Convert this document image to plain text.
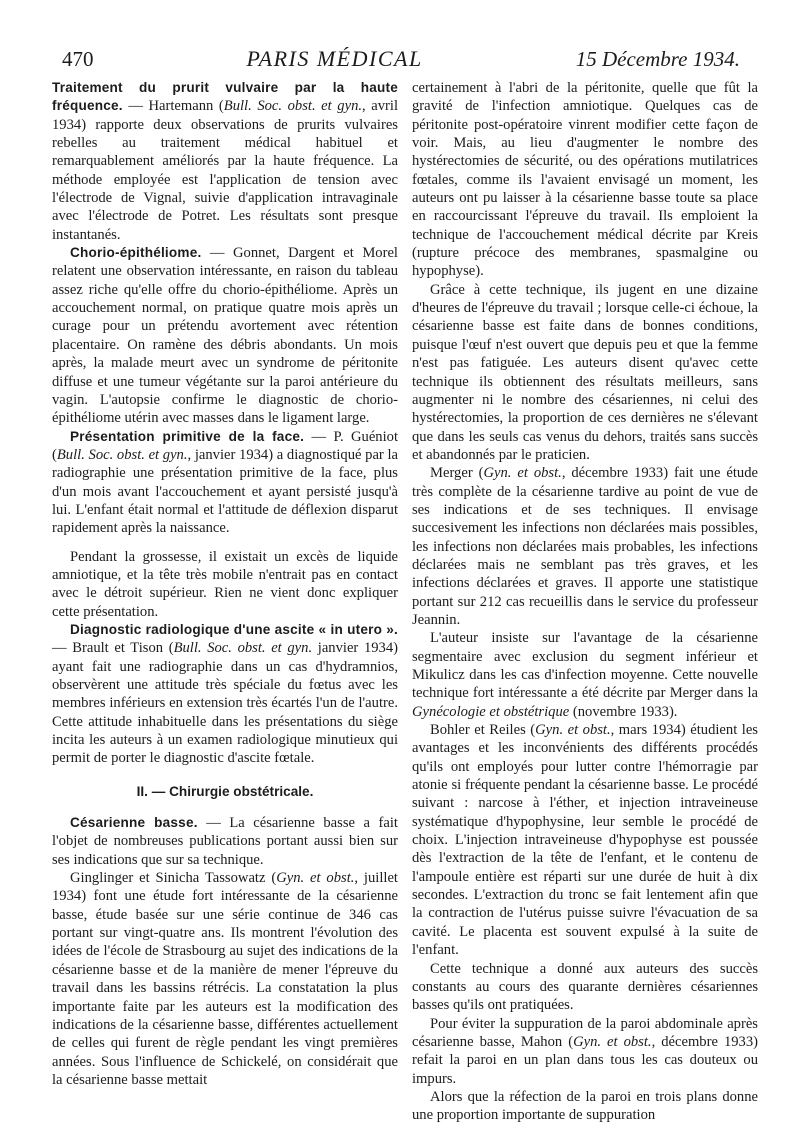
470	PARIS MÉDICAL	15 Décembre 1934.

Traitement du prurit vulvaire par la haute fréquence. — Hartemann (Bull. Soc. obst. et gyn., avril 1934) rapporte deux observations de prurits vulvaires rebelles au traitement médical habituel et remarquablement améliorés par la haute fréquence. La méthode employée est l'application de tension avec l'électrode de Vignal, suivie d'application intravaginale avec l'électrode de Potret. Les résultats sont presque instantanés.

Chorio-épithéliome. — Gonnet, Dargent et Morel relatent une observation intéressante, en raison du tableau assez riche qu'elle offre du chorio-épithéliome. Après un accouchement normal, on pratique quatre mois après un curage pour un prétendu avortement avec rétention placentaire. On ramène des débris abondants. Un mois après, la malade meurt avec un syndrome de péritonite diffuse et une tumeur végétante sur la paroi antérieure du vagin. L'autopsie confirme le diagnostic de chorio-épithéliome utérin avec masses dans le ligament large.

Présentation primitive de la face. — P. Guéniot (Bull. Soc. obst. et gyn., janvier 1934) a diagnostiqué par la radiographie une présentation primitive de la face, plus d'un mois avant l'accouchement et ayant persisté jusqu'à lui. L'enfant était normal et l'attitude de déflexion disparut rapidement après la naissance.

Pendant la grossesse, il existait un excès de liquide amniotique, et la tête très mobile n'entrait pas en contact avec le détroit supérieur. Rien ne vient donc expliquer cette présentation.

Diagnostic radiologique d'une ascite « in utero ». — Brault et Tison (Bull. Soc. obst. et gyn. janvier 1934) ayant fait une radiographie dans un cas d'hydramnios, observèrent une attitude très spéciale du fœtus avec les membres inférieurs en extension très écartés l'un de l'autre. Cette attitude inhabituelle dans les présentations du siège incita les auteurs à un examen radiologique minutieux qui permit de porter le diagnostic d'ascite fœtale.

II. — Chirurgie obstétricale.

Césarienne basse. — La césarienne basse a fait l'objet de nombreuses publications portant aussi bien sur ses indications que sur sa technique.

Ginglinger et Sinicha Tassowatz (Gyn. et obst., juillet 1934) font une étude fort intéressante de la césarienne basse, étude basée sur une série continue de 346 cas portant sur vingt-quatre ans. Ils montrent l'évolution des idées de l'école de Strasbourg au sujet des indications de la césarienne basse et de la manière de mener l'épreuve du travail dans les bassins rétrécis. La constatation la plus importante faite par les auteurs est la modification des indications de la césarienne basse, différentes actuellement de celles qui furent de règle pendant les vingt premières années. Sous l'influence de Schickelé, on considérait que la césarienne basse mettait

certainement à l'abri de la péritonite, quelle que fût la gravité de l'infection amniotique. Quelques cas de péritonite post-opératoire vinrent modifier cette façon de voir. Mais, au lieu d'augmenter le nombre des hystérectomies de sécurité, ou des opérations mutilatrices fœtales, comme ils l'avaient envisagé un moment, les auteurs ont pu laisser à la césarienne basse toute sa place en raccourcissant l'épreuve du travail. Ils emploient la technique de l'accouchement médical décrite par Kreis (rupture précoce des membranes, spasmalgine ou hypophyse).

Grâce à cette technique, ils jugent en une dizaine d'heures de l'épreuve du travail ; lorsque celle-ci échoue, la césarienne basse est faite dans de bonnes conditions, puisque l'œuf n'est ouvert que depuis peu et que la femme n'est pas fatiguée. Les auteurs disent qu'avec cette technique ils obtiennent des résultats meilleurs, sans augmenter ni le nombre des césariennes, ni celui des hystérectomies, la proportion de ces dernières ne s'élevant que dans les seuls cas venus du dehors, traités sans succès et abandonnés par le praticien.

Merger (Gyn. et obst., décembre 1933) fait une étude très complète de la césarienne tardive au point de vue de ses indications et de ses techniques. Il envisage succesivement les infections non déclarées mais possibles, les infections non déclarées mais probables, les infections déclarées mais ne semblant pas très graves, et les infections déclarées et graves. Il apporte une statistique portant sur 212 cas recueillis dans le service du professeur Jeannin.

L'auteur insiste sur l'avantage de la césarienne segmentaire avec exclusion du segment inférieur et Mikulicz dans les cas d'infection moyenne. Cette nouvelle technique fort intéressante a été décrite par Merger dans la Gynécologie et obstétrique (novembre 1933).

Bohler et Reiles (Gyn. et obst., mars 1934) étudient les avantages et les inconvénients des différents procédés qu'ils ont employés pour lutter contre l'hémorragie par atonie si fréquente pendant la césarienne basse. Le procédé suivant : narcose à l'éther, et injection intraveineuse systématique d'hypophysine, leur semble le procédé de choix. L'injection intraveineuse d'hypophyse est poussée dès l'extraction de la tête de l'enfant, et le contenu de l'ampoule entière est réparti sur une durée de huit à dix secondes. L'extraction du tronc se fait lentement afin que la contraction de l'utérus puisse suivre l'évacuation de sa cavité. Le placenta est souvent expulsé à la suite de l'enfant.

Cette technique a donné aux auteurs des succès constants au cours des quarante dernières césariennes basses qu'ils ont pratiquées.

Pour éviter la suppuration de la paroi abdominale après césarienne basse, Mahon (Gyn. et obst., décembre 1933) refait la paroi en un plan dans tous les cas douteux ou impurs.

Alors que la réfection de la paroi en trois plans donne une proportion importante de suppuration
